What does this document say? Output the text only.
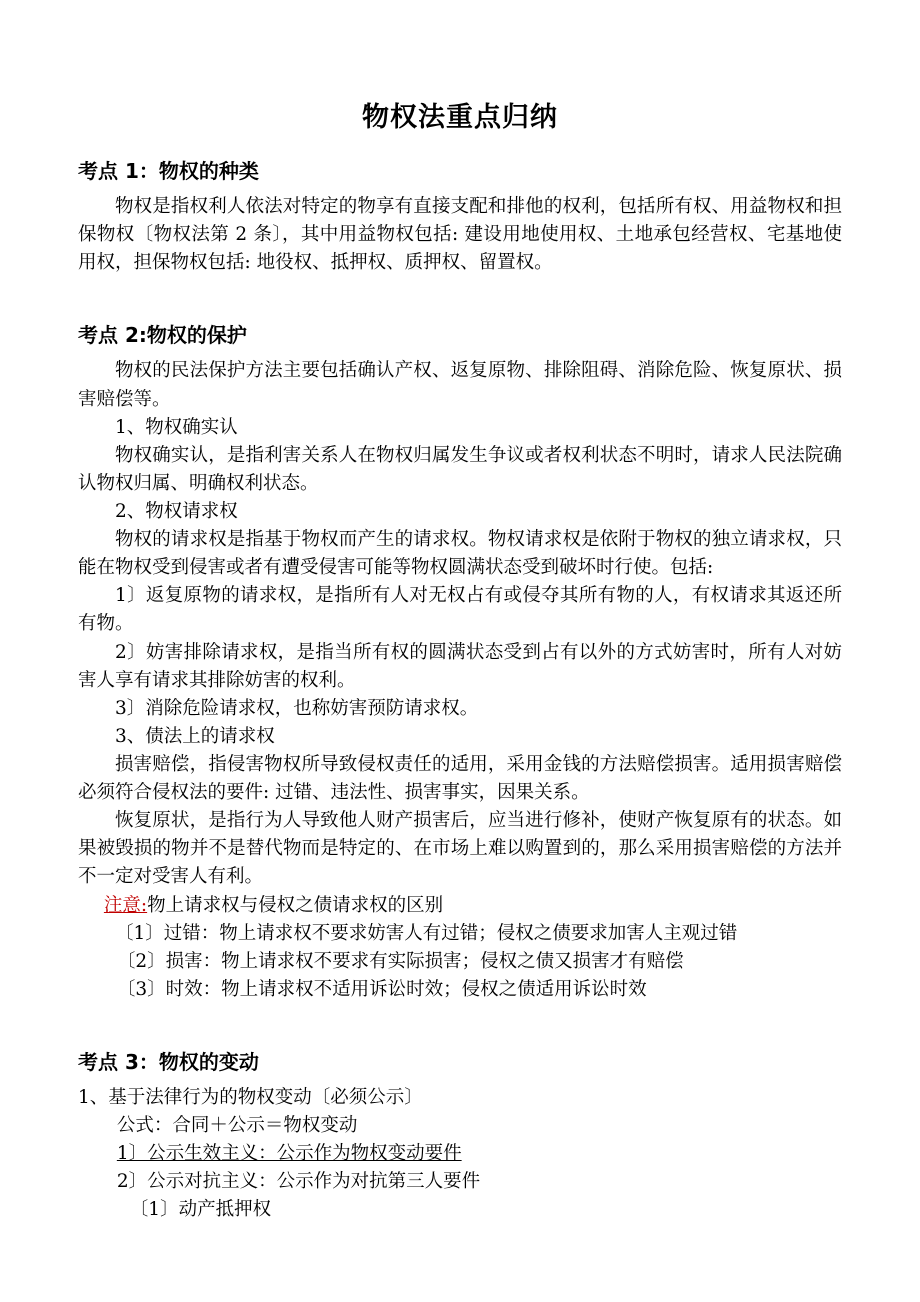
物权法重点归纳
考点 1：物权的种类

物权是指权利人依法对特定的物享有直接支配和排他的权利，包括所有权、用益物权和担保物权〔物权法第 2 条〕，其中用益物权包括: 建设用地使用权、土地承包经营权、宅基地使用权，担保物权包括: 地役权、抵押权、质押权、留置权。

考点 2:物权的保护

物权的民法保护方法主要包括确认产权、返复原物、排除阻碍、消除危险、恢复原状、损害赔偿等。

1、物权确实认

物权确实认，是指利害关系人在物权归属发生争议或者权利状态不明时，请求人民法院确认物权归属、明确权利状态。

2、物权请求权

物权的请求权是指基于物权而产生的请求权。物权请求权是依附于物权的独立请求权，只能在物权受到侵害或者有遭受侵害可能等物权圆满状态受到破坏时行使。包括:

1〕返复原物的请求权，是指所有人对无权占有或侵夺其所有物的人，有权请求其返还所有物。

2〕妨害排除请求权，是指当所有权的圆满状态受到占有以外的方式妨害时，所有人对妨害人享有请求其排除妨害的权利。

3〕消除危险请求权，也称妨害预防请求权。

3、债法上的请求权

损害赔偿，指侵害物权所导致侵权责任的适用，采用金钱的方法赔偿损害。适用损害赔偿必须符合侵权法的要件: 过错、违法性、损害事实，因果关系。

恢复原状，是指行为人导致他人财产损害后，应当进行修补，使财产恢复原有的状态。如果被毁损的物并不是替代物而是特定的、在市场上难以购置到的，那么采用损害赔偿的方法并不一定对受害人有利。

注意:物上请求权与侵权之债请求权的区别

〔1〕过错：物上请求权不要求妨害人有过错；侵权之债要求加害人主观过错

〔2〕损害：物上请求权不要求有实际损害；侵权之债又损害才有赔偿

〔3〕时效：物上请求权不适用诉讼时效；侵权之债适用诉讼时效

考点 3：物权的变动

1、基于法律行为的物权变动〔必须公示〕

公式：合同＋公示＝物权变动

1〕公示生效主义：公示作为物权变动要件

2〕公示对抗主义：公示作为对抗第三人要件

〔1〕动产抵押权
